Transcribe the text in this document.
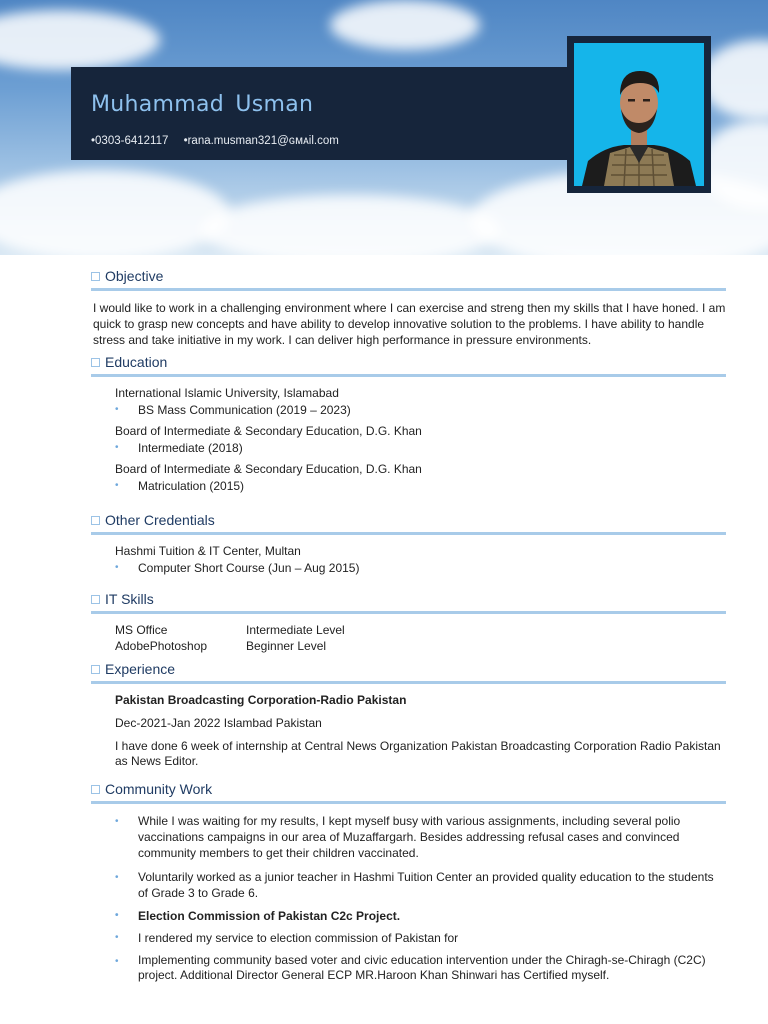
Muhammad Usman
•0303-6412117 •rana.musman321@ɢᴍᴀil.com
Objective
I would like to work in a challenging environment where I can exercise and streng then my skills that I have honed. I am quick to grasp new concepts and have ability to develop innovative solution to the problems. I have ability to handle stress and take initiative in my work. I can deliver high performance in pressure environments.
Education
International Islamic University, Islamabad
• BS Mass Communication (2019 – 2023)
Board of Intermediate & Secondary Education, D.G. Khan
• Intermediate (2018)
Board of Intermediate & Secondary Education, D.G. Khan
• Matriculation (2015)
Other Credentials
Hashmi Tuition & IT Center, Multan
• Computer Short Course (Jun – Aug 2015)
IT Skills
MS Office	Intermediate Level
AdobePhotoshop	Beginner Level
Experience
Pakistan Broadcasting Corporation-Radio Pakistan
Dec-2021-Jan 2022 Islambad Pakistan
I have done 6 week of internship at Central News Organization Pakistan Broadcasting Corporation Radio Pakistan as News Editor.
Community Work
• While I was waiting for my results, I kept myself busy with various assignments, including several polio vaccinations campaigns in our area of Muzaffargarh. Besides addressing refusal cases and convinced community members to get their children vaccinated.
• Voluntarily worked as a junior teacher in Hashmi Tuition Center an provided quality education to the students of Grade 3 to Grade 6.
• Election Commission of Pakistan C2c Project.
• I rendered my service to election commission of Pakistan for
• Implementing community based voter and civic education intervention under the Chiragh-se-Chiragh (C2C) project. Additional Director General ECP MR.Haroon Khan Shinwari has Certified myself.
